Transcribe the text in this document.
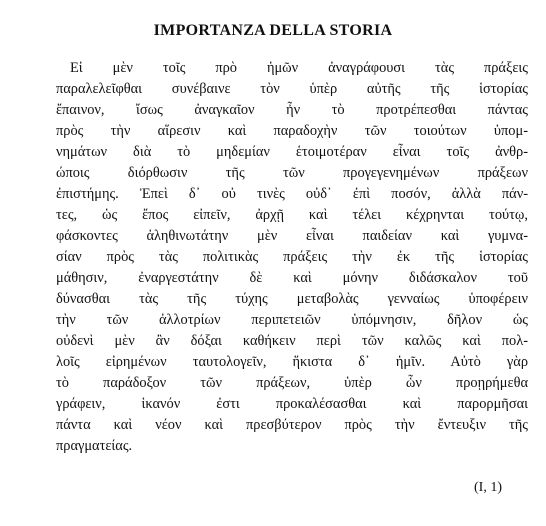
IMPORTANZA DELLA STORIA
Εἰ μὲν τοῖς πρὸ ἡμῶν ἀναγράφουσι τὰς πράξεις
παραλελεῖφθαι συνέβαινε τὸν ὑπὲρ αὐτῆς τῆς ἱστορίας
ἔπαινον, ἴσως ἀναγκαῖον ἦν τὸ προτρέπεσθαι πάντας
πρὸς τὴν αἵρεσιν καὶ παραδοχὴν τῶν τοιούτων ὑπομ-
νημάτων διὰ τὸ μηδεμίαν ἑτοιμοτέραν εἶναι τοῖς ἀνθρ-
ώποις διόρθωσιν τῆς τῶν προγεγενημένων πράξεων
ἐπιστήμης. Ἐπεὶ δ᾽ οὐ τινὲς οὐδ᾽ ἐπὶ ποσόν, ἀλλὰ πάν-
τες, ὡς ἔπος εἰπεῖν, ἀρχῇ καὶ τέλει κέχρηνται τούτῳ,
φάσκοντες ἀληθινωτάτην μὲν εἶναι παιδείαν καὶ γυμνα-
σίαν πρὸς τὰς πολιτικὰς πράξεις τὴν ἐκ τῆς ἱστορίας
μάθησιν, ἐναργεστάτην δὲ καὶ μόνην διδάσκαλον τοῦ
δύνασθαι τὰς τῆς τύχης μεταβολὰς γενναίως ὑποφέρειν
τὴν τῶν ἀλλοτρίων περιπετειῶν ὑπόμνησιν, δῆλον ὡς
οὐδενὶ μὲν ἂν δόξαι καθήκειν περὶ τῶν καλῶς καὶ πολ-
λοῖς εἰρημένων ταυτολογεῖν, ἥκιστα δ᾽ ἡμῖν. Αὐτὸ γὰρ
τὸ παράδοξον τῶν πράξεων, ὑπὲρ ὧν προῃρήμεθα
γράφειν, ἱκανόν ἐστι προκαλέσασθαι καὶ παρορμῆσαι
πάντα καὶ νέον καὶ πρεσβύτερον πρὸς τὴν ἔντευξιν τῆς
πραγματείας.
(I, 1)
